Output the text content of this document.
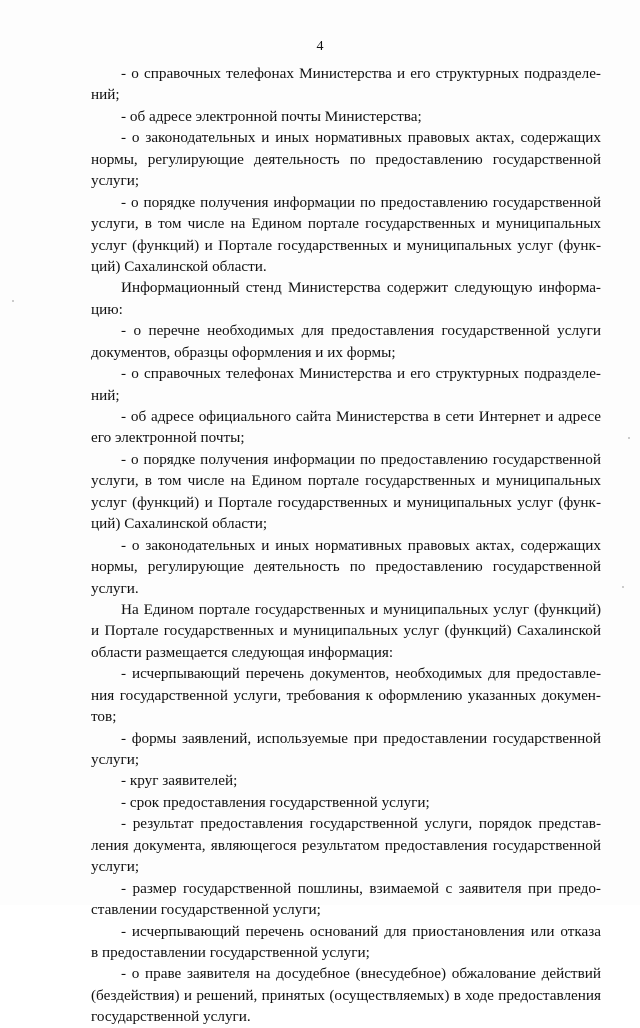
4
- о справочных телефонах Министерства и его структурных подразделе-
ний;
- об адресе электронной почты Министерства;
- о законодательных и иных нормативных правовых актах, содержащих
нормы, регулирующие деятельность по предоставлению государственной
услуги;
- о порядке получения информации по предоставлению государственной
услуги, в том числе на Едином портале государственных и муниципальных
услуг (функций) и Портале государственных и муниципальных услуг (функ-
ций) Сахалинской области.
Информационный стенд Министерства содержит следующую информа-
цию:
- о перечне необходимых для предоставления государственной услуги
документов, образцы оформления и их формы;
- о справочных телефонах Министерства и его структурных подразделе-
ний;
- об адресе официального сайта Министерства в сети Интернет и адресе
его электронной почты;
- о порядке получения информации по предоставлению государственной
услуги, в том числе на Едином портале государственных и муниципальных
услуг (функций) и Портале государственных и муниципальных услуг (функ-
ций) Сахалинской области;
- о законодательных и иных нормативных правовых актах, содержащих
нормы, регулирующие деятельность по предоставлению государственной
услуги.
На Едином портале государственных и муниципальных услуг (функций)
и Портале государственных и муниципальных услуг (функций) Сахалинской
области размещается следующая информация:
- исчерпывающий перечень документов, необходимых для предоставле-
ния государственной услуги, требования к оформлению указанных докумен-
тов;
- формы заявлений, используемые при предоставлении государственной
услуги;
- круг заявителей;
- срок предоставления государственной услуги;
- результат предоставления государственной услуги, порядок представ-
ления документа, являющегося результатом предоставления государственной
услуги;
- размер государственной пошлины, взимаемой с заявителя при предо-
ставлении государственной услуги;
- исчерпывающий перечень оснований для приостановления или отказа
в предоставлении государственной услуги;
- о праве заявителя на досудебное (внесудебное) обжалование действий
(бездействия) и решений, принятых (осуществляемых) в ходе предоставления
государственной услуги.
